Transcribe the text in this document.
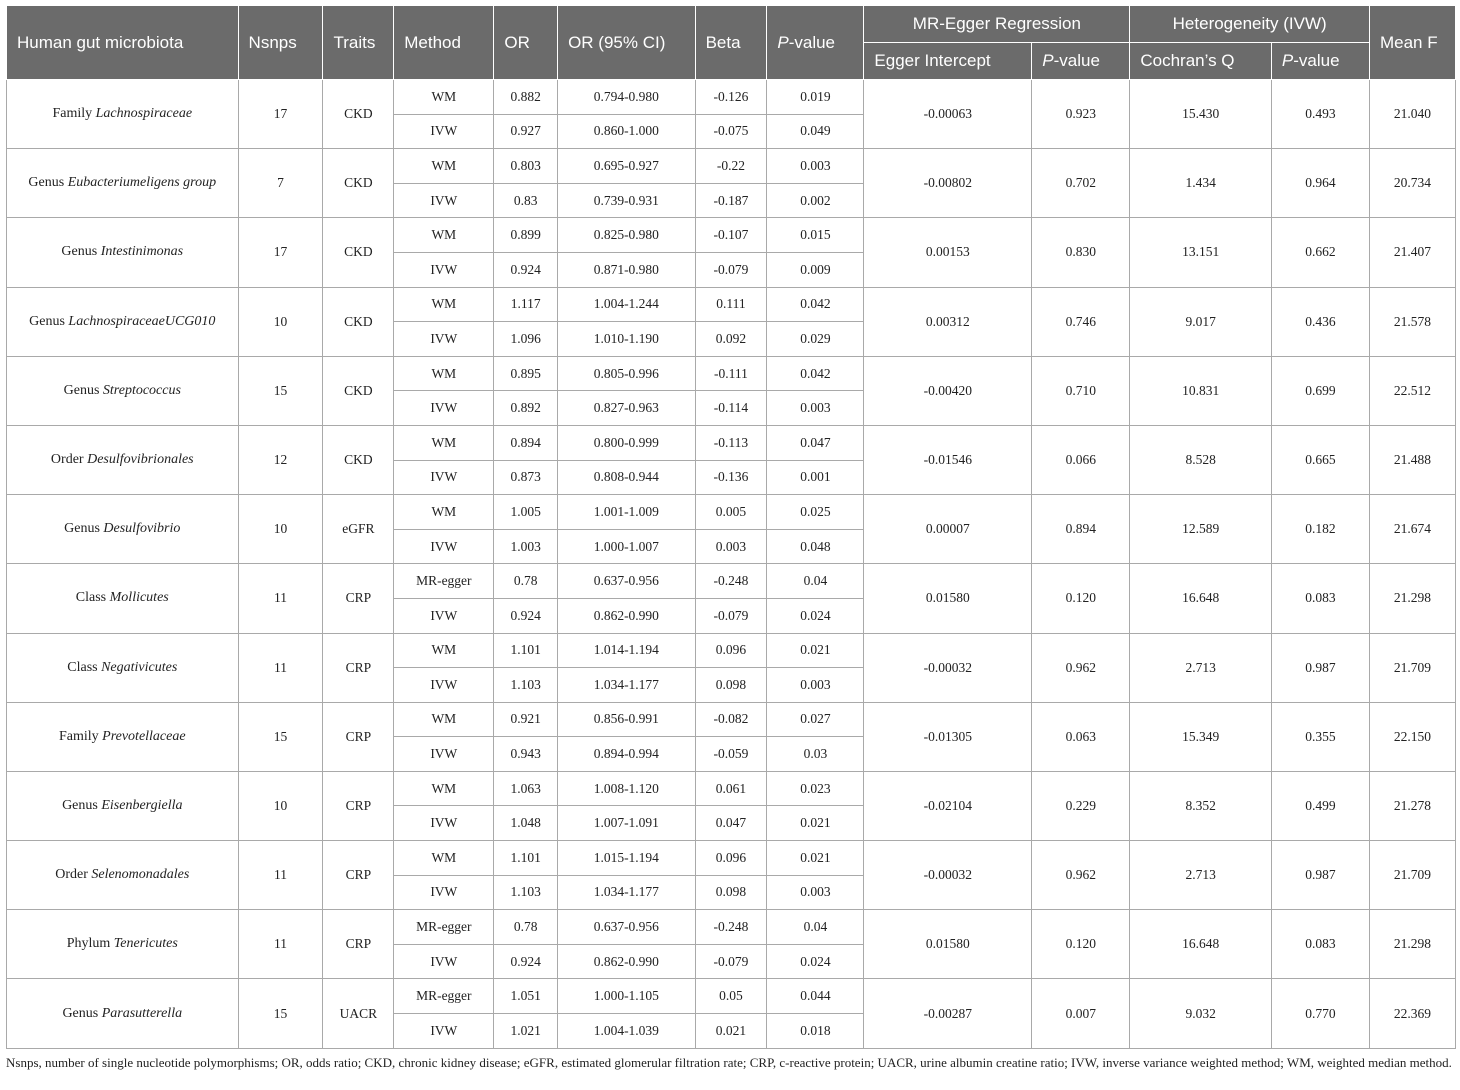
Human gut microbiota	Nsnps	Traits	Method	OR	OR (95% CI)	Beta	P-value	MR-Egger Regression		Heterogeneity (IVW)		Mean F
								Egger Intercept	P-value	Cochran’s Q	P-value	
Family Lachnospiraceae	17	CKD	WM	0.882	0.794-0.980	-0.126	0.019	-0.00063	0.923	15.430	0.493	21.040
			IVW	0.927	0.860-1.000	-0.075	0.049					
Genus Eubacteriumeligens group	7	CKD	WM	0.803	0.695-0.927	-0.22	0.003	-0.00802	0.702	1.434	0.964	20.734
			IVW	0.83	0.739-0.931	-0.187	0.002					
Genus Intestinimonas	17	CKD	WM	0.899	0.825-0.980	-0.107	0.015	0.00153	0.830	13.151	0.662	21.407
			IVW	0.924	0.871-0.980	-0.079	0.009					
Genus LachnospiraceaeUCG010	10	CKD	WM	1.117	1.004-1.244	0.111	0.042	0.00312	0.746	9.017	0.436	21.578
			IVW	1.096	1.010-1.190	0.092	0.029					
Genus Streptococcus	15	CKD	WM	0.895	0.805-0.996	-0.111	0.042	-0.00420	0.710	10.831	0.699	22.512
			IVW	0.892	0.827-0.963	-0.114	0.003					
Order Desulfovibrionales	12	CKD	WM	0.894	0.800-0.999	-0.113	0.047	-0.01546	0.066	8.528	0.665	21.488
			IVW	0.873	0.808-0.944	-0.136	0.001					
Genus Desulfovibrio	10	eGFR	WM	1.005	1.001-1.009	0.005	0.025	0.00007	0.894	12.589	0.182	21.674
			IVW	1.003	1.000-1.007	0.003	0.048					
Class Mollicutes	11	CRP	MR-egger	0.78	0.637-0.956	-0.248	0.04	0.01580	0.120	16.648	0.083	21.298
			IVW	0.924	0.862-0.990	-0.079	0.024					
Class Negativicutes	11	CRP	WM	1.101	1.014-1.194	0.096	0.021	-0.00032	0.962	2.713	0.987	21.709
			IVW	1.103	1.034-1.177	0.098	0.003					
Family Prevotellaceae	15	CRP	WM	0.921	0.856-0.991	-0.082	0.027	-0.01305	0.063	15.349	0.355	22.150
			IVW	0.943	0.894-0.994	-0.059	0.03					
Genus Eisenbergiella	10	CRP	WM	1.063	1.008-1.120	0.061	0.023	-0.02104	0.229	8.352	0.499	21.278
			IVW	1.048	1.007-1.091	0.047	0.021					
Order Selenomonadales	11	CRP	WM	1.101	1.015-1.194	0.096	0.021	-0.00032	0.962	2.713	0.987	21.709
			IVW	1.103	1.034-1.177	0.098	0.003					
Phylum Tenericutes	11	CRP	MR-egger	0.78	0.637-0.956	-0.248	0.04	0.01580	0.120	16.648	0.083	21.298
			IVW	0.924	0.862-0.990	-0.079	0.024					
Genus Parasutterella	15	UACR	MR-egger	1.051	1.000-1.105	0.05	0.044	-0.00287	0.007	9.032	0.770	22.369
			IVW	1.021	1.004-1.039	0.021	0.018					
Nsnps, number of single nucleotide polymorphisms; OR, odds ratio; CKD, chronic kidney disease; eGFR, estimated glomerular filtration rate; CRP, c-reactive protein; UACR, urine albumin creatine ratio; IVW, inverse variance weighted method; WM, weighted median method.
